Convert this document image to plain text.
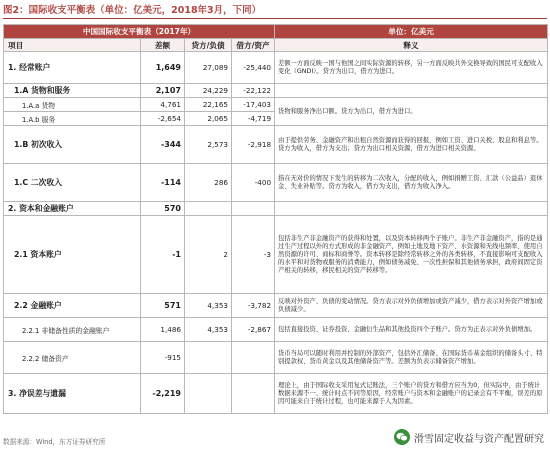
图2：国际收支平衡表（单位：亿美元，2018年3月，下同）
中国国际收支平衡表（2017年）				单位：亿美元
项目	差额	贷方/负债	借方/资产	释义
1. 经常账户	1,649	27,089	-25,440	差额一方面反映一国与他国之间实际资源的转移，另一方面反映共外交换导致的国民可支配收入变化（GNDI）。贷方为出口，借方为进口。
1.A 货物和服务	2,107	24,229	-22,122	
1.A.a 货物	4,761	22,165	-17,403	货物和服务净出口额。贷方为出口，借方为进口。
1.A.b 服务	-2,654	2,065	-4,719	
1.B 初次收入	-344	2,573	-2,918	由于提供劳务、金融资产和出租自然资源而获得的回报，例如工资、进口关税、股息和利息等。贷方为收入，借方为支出；贷方为出口相关资源，借方为进口相关资源。
1.C 二次收入	-114	286	-400	指在无对价的情况下发生的转移为二次收入，分配的收入，例如捐赠工资、汇款（公益品）退休金、失业补贴等。贷方为收入，借方为支出，借方为收入净入。
2. 资本和金融账户	570			
2.1 资本账户	-1	2	-3	包括非生产非金融资产的获得和处置，以及资本转移两个子账户。非生产非金融资产，指的是通过生产过程以外的方式形成的非金融资产，例如土地及地下资产、水资源和无线电频率、使用自然资源的许可、商标和商誉等。资本转移是除经常转移之外的各类转移，不直接影响可支配收入的水平和对货物或服务的消费能力，例如债务减免、一次性担保和其他债务承担，政府间固定资产相关的转移，移民相关的资产转移等。
2.2 金融账户	571	4,353	-3,782	反映对外资产、负债的变动情况。贷方表示对外负债增加或资产减少，借方表示对外资产增加或负债减少。
2.2.1 非储备性质的金融账户	1,486	4,353	-2,867	包括直接投资、证券投资、金融衍生品和其他投资四个子账户。贷方为正表示对外负债增加。
2.2.2 储备资产	-915			货币当局可以随时利用并控制的外部资产，包括外汇储备、在国际货币基金组织的储备头寸、特别提款权、货币黄金以及其他储备资产等。差额为负表示储备资产增加。
3. 净误差与遗漏	-2,219			理论上，由于国际收支采用复式记账法，三个账户的贷方和借方应当为0，但实际中，由于统计数据来源不一、统计时点不同等原因，经常账户与资本和金融账户的记录会有不平衡，误差的原因可能来自于统计过程，也可能来源于人为因素。
数据来源：Wind，东方证券研究所	滑雪固定收益与资产配置研究
